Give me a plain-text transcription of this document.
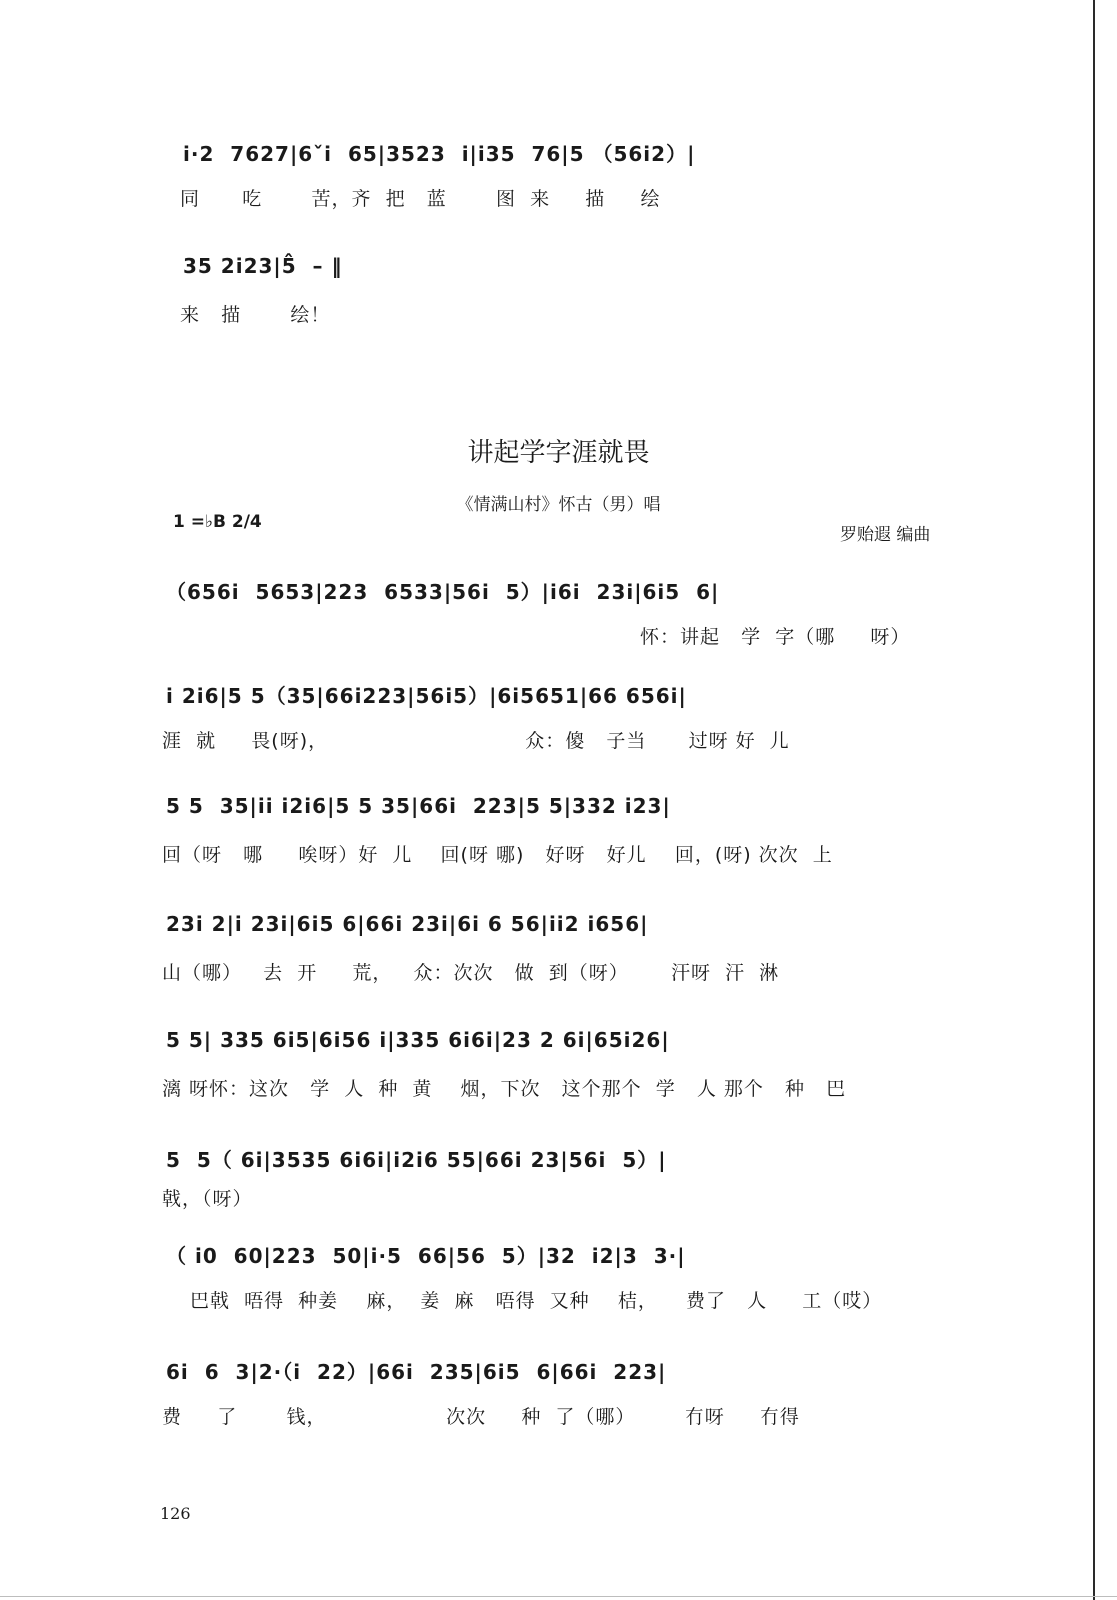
i·2  7627|6ˇi  65|3523  i|i35  76|5 （56i2）|
同      吃       苦，齐  把   蓝       图  来     描     绘
35 2i23|5̂  – ‖
来   描       绘！
讲起学字涯就畏
《情满山村》怀古（男）唱
1 =♭B 2/4
罗贻遐 编曲
（656i  5653|223  6533|56i  5）|i6i  23i|6i5  6|
怀：讲起   学  字（哪     呀）
i 2i6|5 5（35|66i223|56i5）|6i5651|66 656i|
涯  就     畏(呀)，                            众：傻   子当      过呀 好  儿
5 5  35|ii i2i6|5 5 35|66i  223|5 5|332 i23|
回（呀   哪     唉呀）好  儿    回(呀 哪)   好呀   好儿    回，(呀) 次次  上
23i 2|i 23i|6i5 6|66i 23i|6i 6 56|ii2 i656|
山（哪）   去  开     荒，   众：次次   做  到（呀）      汗呀  汗  淋
5 5| 335 6i5|6i56 i|335 6i6i|23 2 6i|65i26|
漓 呀怀：这次   学  人  种  黄    烟，下次   这个那个  学   人 那个   种   巴
5  5（ 6i|3535 6i6i|i2i6 55|66i 23|56i  5）|
戟，（呀）
（ i0  60|223  50|i·5  66|56  5）|32  i2|3  3·|
巴戟  唔得  种姜    麻，  姜  麻   唔得  又种    桔，    费了   人     工（哎）
6i  6  3|2·（i  22）|66i  235|6i5  6|66i  223|
费     了       钱，                 次次     种  了（哪）       冇呀     冇得
126
